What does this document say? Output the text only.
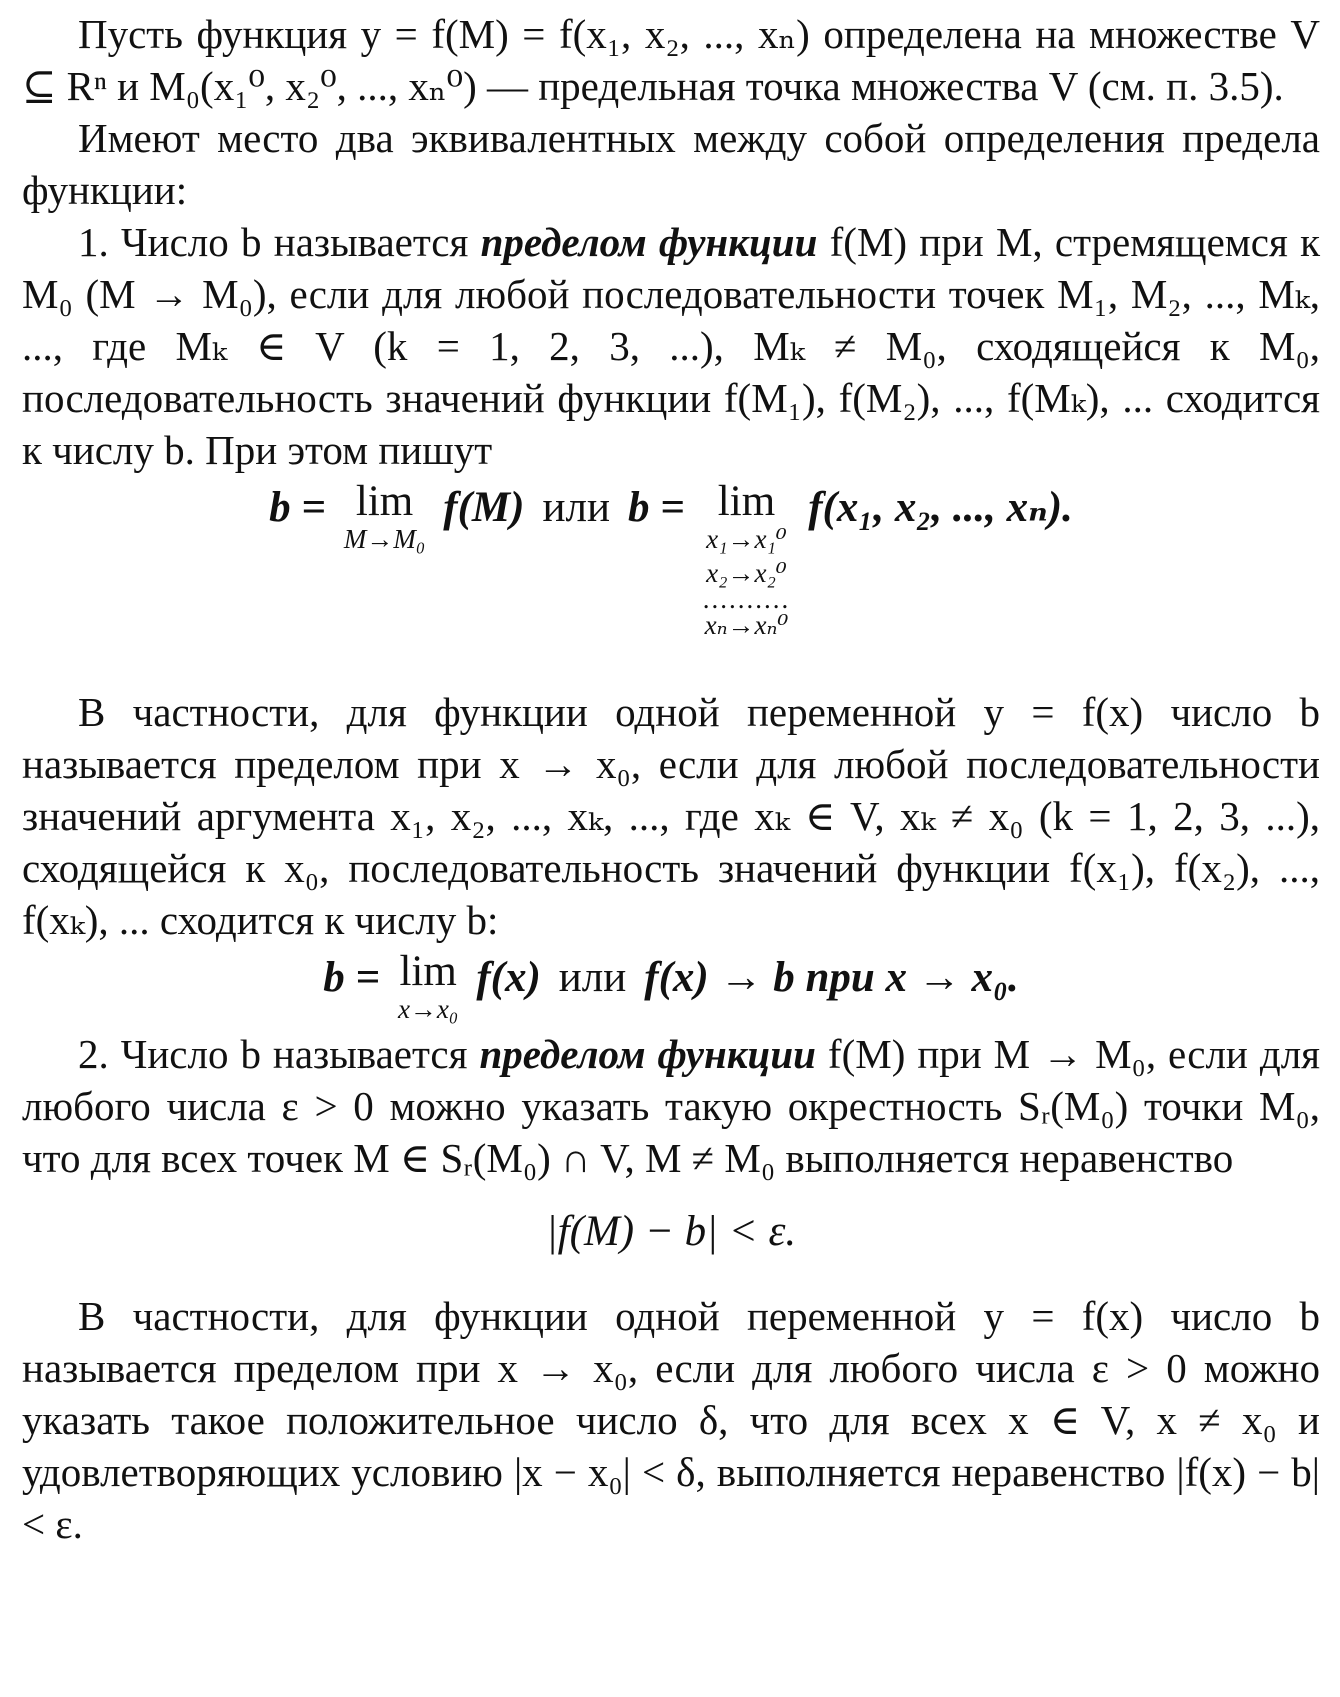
Пусть функция y = f(M) = f(x₁, x₂, ..., xₙ) определена на множестве V ⊆ Rⁿ и M₀(x₁⁰, x₂⁰, ..., xₙ⁰) — предельная точка множества V (см. п. 3.5).

Имеют место два эквивалентных между собой определения предела функции:

1. Число b называется пределом функции f(M) при M, стремящемся к M₀ (M → M₀), если для любой последовательности точек M₁, M₂, ..., Mₖ, ..., где Mₖ ∈ V (k = 1, 2, 3, ...), Mₖ ≠ M₀, сходящейся к M₀, последовательность значений функции f(M₁), f(M₂), ..., f(Mₖ), ... сходится к числу b. При этом пишут

b = lim
M→M₀
f(M) или b = lim
x₁→x₁⁰
x₂→x₂⁰
..........
xₙ→xₙ⁰
f(x₁, x₂, ..., xₙ).

В частности, для функции одной переменной y = f(x) число b называется пределом при x → x₀, если для любой последовательности значений аргумента x₁, x₂, ..., xₖ, ..., где xₖ ∈ V, xₖ ≠ x₀ (k = 1, 2, 3, ...), сходящейся к x₀, последовательность значений функции f(x₁), f(x₂), ..., f(xₖ), ... сходится к числу b:

b = lim
x→x₀
f(x) или f(x) → b при x → x₀.

2. Число b называется пределом функции f(M) при M → M₀, если для любого числа ε > 0 можно указать такую окрестность Sᵣ(M₀) точки M₀, что для всех точек M ∈ Sᵣ(M₀) ∩ V, M ≠ M₀ выполняется неравенство

|f(M) − b| < ε.

В частности, для функции одной переменной y = f(x) число b называется пределом при x → x₀, если для любого числа ε > 0 можно указать такое положительное число δ, что для всех x ∈ V, x ≠ x₀ и удовлетворяющих условию |x − x₀| < δ, выполняется неравенство |f(x) − b| < ε.
